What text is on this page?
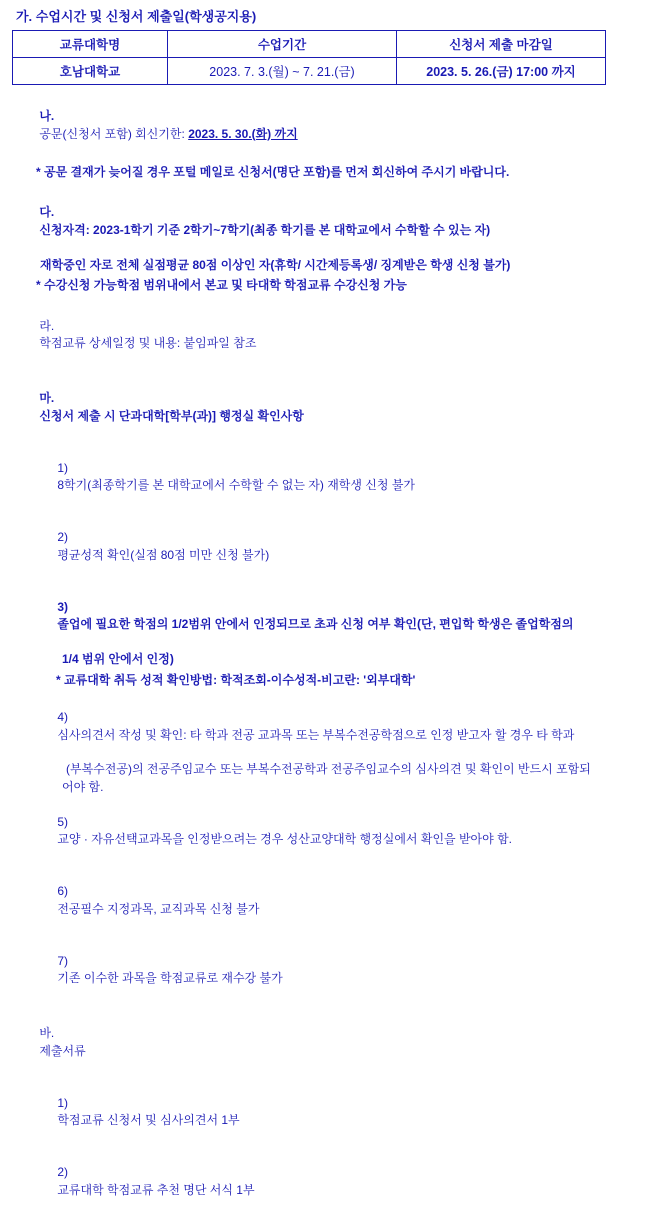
가. 수업시간 및 신청서 제출일(학생공지용)
교류대학명	수업기간	신청서 제출 마감일
호남대학교	2023. 7. 3.(월) ~ 7. 21.(금)	2023. 5. 26.(금) 17:00 까지

나.
공문(신청서 포함) 회신기한: 2023. 5. 30.(화) 까지

* 공문 결재가 늦어질 경우 포털 메일로 신청서(명단 포함)를 먼저 회신하여 주시기 바랍니다.

다.
신청자격: 2023-1학기 기준 2학기~7학기(최종 학기를 본 대학교에서 수학할 수 있는 자)

재학중인 자로 전체 실점평균 80점 이상인 자(휴학/ 시간제등록생/ 징계받은 학생 신청 불가)
* 수강신청 가능학점 범위내에서 본교 및 타대학 학점교류 수강신청 가능

라.
학점교류 상세일정 및 내용: 붙임파일 참조

마.
신청서 제출 시 단과대학[학부(과)] 행정실 확인사항

1)
8학기(최종학기를 본 대학교에서 수학할 수 없는 자) 재학생 신청 불가

2)
평균성적 확인(실점 80점 미만 신청 불가)

3)
졸업에 필요한 학점의 1/2범위 안에서 인정되므로 초과 신청 여부 확인(단, 편입학 학생은 졸업학점의

1/4 범위 안에서 인정)
* 교류대학 취득 성적 확인방법: 학적조회-이수성적-비고란: '외부대학'

4)
심사의견서 작성 및 확인: 타 학과 전공 교과목 또는 부복수전공학점으로 인정 받고자 할 경우 타 학과

(부복수전공)의 전공주임교수 또는 부복수전공학과 전공주임교수의 심사의견 및 확인이 반드시 포함되
어야 함.

5)
교양 · 자유선택교과목을 인정받으려는 경우 성산교양대학 행정실에서 확인을 받아야 함.

6)
전공필수 지정과목, 교직과목 신청 불가

7)
기존 이수한 과목을 학점교류로 재수강 불가

바.
제출서류

1)
학점교류 신청서 및 심사의견서 1부

2)
교류대학 학점교류 추천 명단 서식 1부
